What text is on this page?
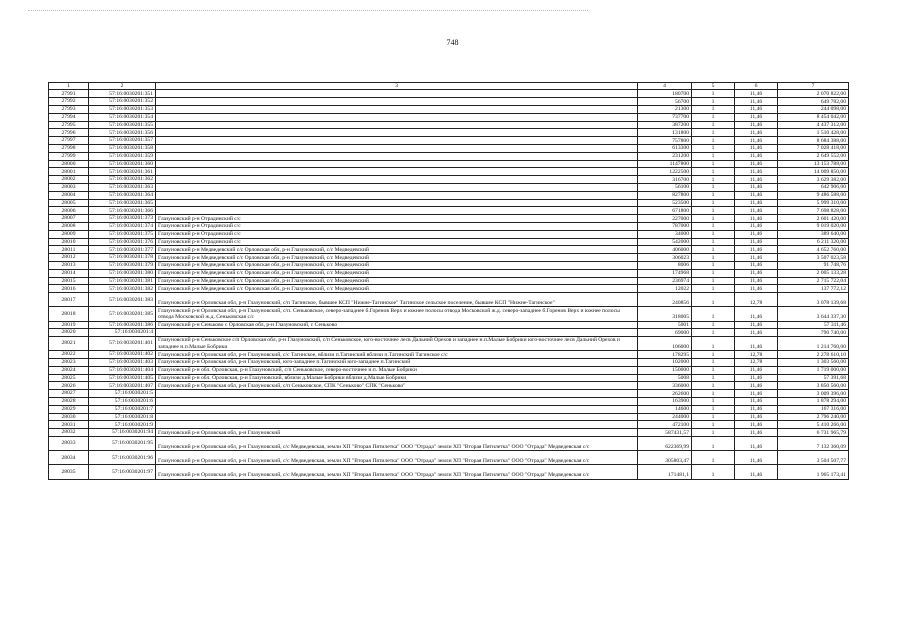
748
1	2	3	4	5	6	7
27991	57:16:0030201:351		180700	1	11,46	2 070 822,00
27992	57:16:0030201:352		56700	1	11,46	649 782,00
27993	57:16:0030201:353		21300	1	11,46	244 098,00
27994	57:16:0030201:354		737700	1	11,46	8 454 042,00
27995	57:16:0030201:355		387200	1	11,46	4 437 312,00
27996	57:16:0030201:356		131800	1	11,46	1 510 428,00
27997	57:16:0030201:357		757800	1	11,46	8 684 388,00
27998	57:16:0030201:358		613300	1	11,46	7 028 418,00
27999	57:16:0030201:359		231200	1	11,46	2 649 552,00
28000	57:16:0030201:360		1147800	1	11,46	13 153 788,00
28001	57:16:0030201:361		1222500	1	11,46	14 009 850,00
28002	57:16:0030201:362		316700	1	11,46	3 629 382,00
28003	57:16:0030201:363		56100	1	11,46	642 906,00
28004	57:16:0030201:364		827800	1	11,46	9 486 588,00
28005	57:16:0030201:365		523500	1	11,46	5 999 310,00
28006	57:16:0030201:366		671800	1	11,46	7 698 828,00
28007	57:16:0030201:373	Глазуновский р-н Отрадинский с/с	227000	1	11,46	2 601 420,00
28008	57:16:0030201:374	Глазуновский р-н Отрадинский с/с	787000	1	11,46	9 019 020,00
28009	57:16:0030201:375	Глазуновский р-н Отрадинский с/с	34000	1	11,46	389 640,00
28010	57:16:0030201:376	Глазуновский р-н Отрадинский с/с	542000	1	11,46	6 211 320,00
28011	57:16:0030201:377	Глазуновский р-н Медведевский с/с Орловская обл, р-н Глазуновский, с/с Медведевский	406000	1	11,46	4 652 760,00
28012	57:16:0030201:378	Глазуновский р-н Медведевский с/с Орловская обл, р-н Глазуновский, с/с Медведевский	306023	1	11,46	3 507 023,58
28013	57:16:0030201:379	Глазуновский р-н Медведевский с/с Орловская обл, р-н Глазуновский, с/с Медведевский	8006	1	11,46	91 748,76
28014	57:16:0030201:380	Глазуновский р-н Медведевский с/с Орловская обл, р-н Глазуновский, с/с Медведевский	174968	1	11,46	2 005 133,28
28015	57:16:0030201:381	Глазуновский р-н Медведевский с/с Орловская обл, р-н Глазуновский, с/с Медведевский	236974	1	11,46	2 715 722,04
28016	57:16:0030201:382	Глазуновский р-н Медведевский с/с Орловская обл, р-н Глазуновский, с/с Медведевский	12022	1	11,46	137 772,12
28017	57:16:0030201:383	Глазуновский р-н Орловская обл, р-н Глазуновский, с/п Тагинское, бывшее КСП "Нижне-Тагинское" Тагинское сельское поселение, бывшее КСП "Нижне-Тагинское"	240856	1	12,78	3 078 139,68
28018	57:16:0030201:385	Глазуновский р-н Орловская обл, р-н Глазуновский, с/п. Сеньковское, северо-западнее б.Горенов Верх и южнее полосы отвода Московской ж.д. северо-западнее б.Горенов Верх и южнее полосы отвода Московской ж.д. Сеньковская с/с	318005	1	11,46	3 644 337,30
28019	57:16:0030201:386	Глазуновский р-н Сеньково с Орловская обл, р-н Глазуновский, с Сеньково	5001	1	11,46	57 311,46
28020	57:16:0030201:4		69000	1	11,46	790 740,00
28021	57:16:0030201:401	Глазуновский р-н Сеньковское с/п Орловская обл, р-н Глазуновский, с/п Сеньковское, юго-восточнее лесв Дальний Орехов и западнее н.п.Малые Бобрики юго-восточнее лесв Дальний Орехов и западнее н.п.Малые Бобрики	106000	1	11,46	1 214 760,00
28022	57:16:0030201:402	Глазуновский р-н Орловская обл, р-н Глазуновский, с/с Тагинское, вблизи п.Тагинский вблизи п.Тагинский Тагинское с/с	178295	1	12,78	2 278 610,10
28023	57:16:0030201:403	Глазуновский р-н Орловская обл, р-н Глазуновский, юго-западнее п.Тагинский юго-западнее п.Тагинский	102000	1	12,78	1 303 560,00
28024	57:16:0030201:404	Глазуновский р-н обл. Орловская, р-н Глазуновский, с/п Сеньковское, северо-восточнее н.п. Малые Бобрики	150000	1	11,46	1 719 000,00
28025	57:16:0030201:405	Глазуновский р-н обл. Орловская, р-н Глазуновский, вблизи д.Малые Бобрики вблизи д.Малые Бобрики	5008	1	11,46	57 391,68
28026	57:16:0030201:407	Глазуновский р-н Орловская обл, р-н Глазуновский, с/п Сеньковское, СПК "Сеньково" СПК "Сеньково"	336000	1	11,46	3 850 560,00
28027	57:16:0030201:5		262600	1	11,46	3 009 396,00
28028	57:16:0030201:6		163900	1	11,46	1 878 294,00
28029	57:16:0030201:7		14600	1	11,46	167 316,00
28030	57:16:0030201:8		244000	1	11,46	2 796 240,00
28031	57:16:0030201:9		472100	1	11,46	5 410 266,00
28032	57:16:0030201:94	Глазуновский р-н Орловская обл, р-н Глазуновский	587431,57	1	11,46	6 731 965,79
28033	57:16:0030201:95	Глазуновский р-н Орловская обл, р-н Глазуновский, с/с Медведевская, земли ХП "Вторая Пятилетка" ООО "Отрада" земли ХП "Вторая Пятилетка" ООО "Отрада" Медведевская с/с	622369,99	1	11,46	7 132 360,09
28034	57:16:0030201:96	Глазуновский р-н Орловская обл, р-н Глазуновский, с/с Медведевская, земли ХП "Вторая Пятилетка" ООО "Отрада" земли ХП "Вторая Пятилетка" ООО "Отрада" Медведевская с/с	305803,47	1	11,46	3 504 507,77
28035	57:16:0030201:97	Глазуновский р-н Орловская обл, р-н Глазуновский, с/с Медведевская, земли ХП "Вторая Пятилетка" ООО "Отрада" земли ХП "Вторая Пятилетка" ООО "Отрада" Медведевская с/с	171481,1	1	11,46	1 965 173,41
